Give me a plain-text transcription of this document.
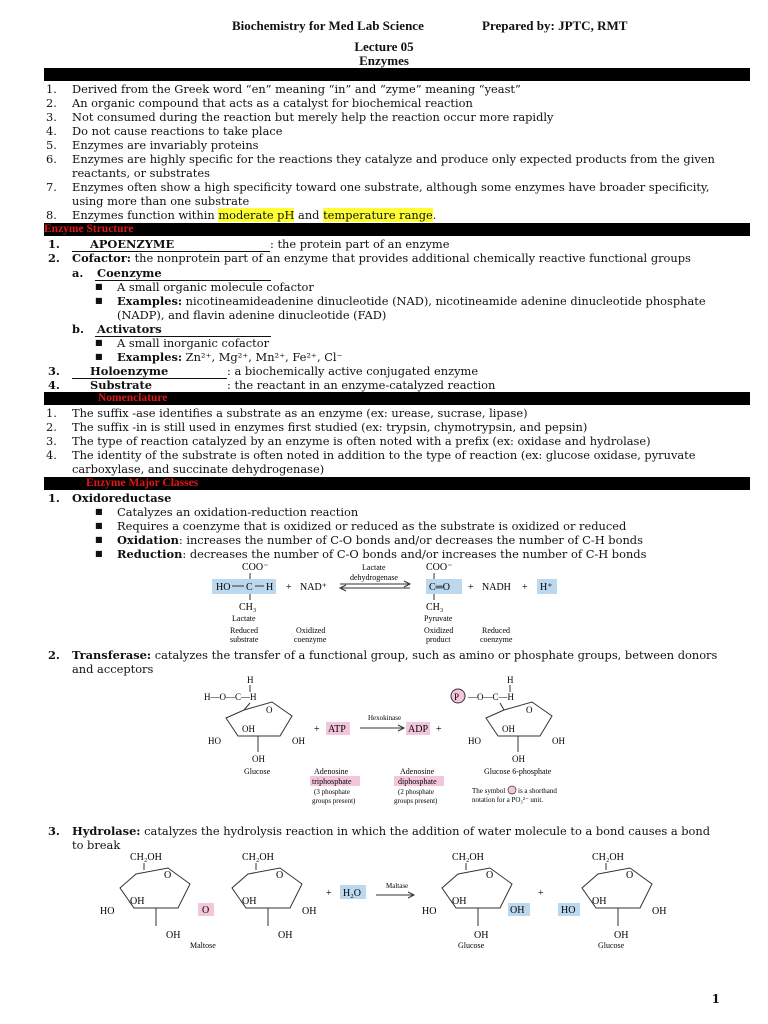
Biochemistry for Med Lab Science	Prepared by: JPTC, RMT
Lecture 05
Enzymes
1. Derived from the Greek word “en” meaning “in” and “zyme” meaning “yeast”
2. An organic compound that acts as a catalyst for biochemical reaction
3. Not consumed during the reaction but merely help the reaction occur more rapidly
4. Do not cause reactions to take place
5. Enzymes are invariably proteins
6. Enzymes are highly specific for the reactions they catalyze and produce only expected products from the given
reactants, or substrates
7. Enzymes often show a high specificity toward one substrate, although some enzymes have broader specificity,
using more than one substrate
8. Enzymes function within moderate pH and temperature range.
Enzyme Structure
1.	APOENZYME	: the protein part of an enzyme
2. Cofactor: the nonprotein part of an enzyme that provides additional chemically reactive functional groups
a. Coenzyme
■ A small organic molecule cofactor
■ Examples: nicotineamideadenine dinucleotide (NAD), nicotineamide adenine dinucleotide phosphate
(NADP), and flavin adenine dinucleotide (FAD)
b. Activators
■ A small inorganic cofactor
■ Examples: Zn²⁺, Mg²⁺, Mn²⁺, Fe²⁺, Cl⁻
3.	Holoenzyme	: a biochemically active conjugated enzyme
4.	Substrate	: the reactant in an enzyme-catalyzed reaction
Nomenclature
1. The suffix -ase identifies a substrate as an enzyme (ex: urease, sucrase, lipase)
2. The suffix -in is still used in enzymes first studied (ex: trypsin, chymotrypsin, and pepsin)
3. The type of reaction catalyzed by an enzyme is often noted with a prefix (ex: oxidase and hydrolase)
4. The identity of the substrate is often noted in addition to the type of reaction (ex: glucose oxidase, pyruvate
carboxylase, and succinate dehydrogenase)
Enzyme Major Classes
1. Oxidoreductase
■ Catalyzes an oxidation-reduction reaction
■ Requires a coenzyme that is oxidized or reduced as the substrate is oxidized or reduced
■ Oxidation: increases the number of C-O bonds and/or decreases the number of C-H bonds
■ Reduction: decreases the number of C-O bonds and/or increases the number of C-H bonds
COO⁻
HO C H
CH₃
+ NAD⁺
Lactate
dehydrogenase
COO⁻
C═O
CH₃
+ NADH + H⁺
Lactate	Pyruvate
Reduced
substrate
Oxidized
coenzyme
Oxidized
product
Reduced
coenzyme
2. Transferase: catalyzes the transfer of a functional group, such as amino or phosphate groups, between donors
and acceptors
H
H—O—C—H
O
HO
OH
OH
OH
Glucose
+ ATP
Hexokinase
ADP +
Adenosine
triphosphate
(3 phosphate
groups present)
Adenosine
diphosphate
(2 phosphate
groups present)
H
P —O—C—H
O
HO
OH
OH
OH
Glucose 6-phosphate
The symbol is a shorthand
notation for a PO₃²⁻ unit.
3. Hydrolase: catalyzes the hydrolysis reaction in which the addition of water molecule to a bond causes a bond
to break
CH₂OH
O
HO
OH
OH
O
CH₂OH
O
OH
OH
OH
Maltose
+ H₂O
Maltase
CH₂OH
O
HO
OH
OH
OH
Glucose
+
CH₂OH
O
HO
OH
OH
OH
Glucose
1
